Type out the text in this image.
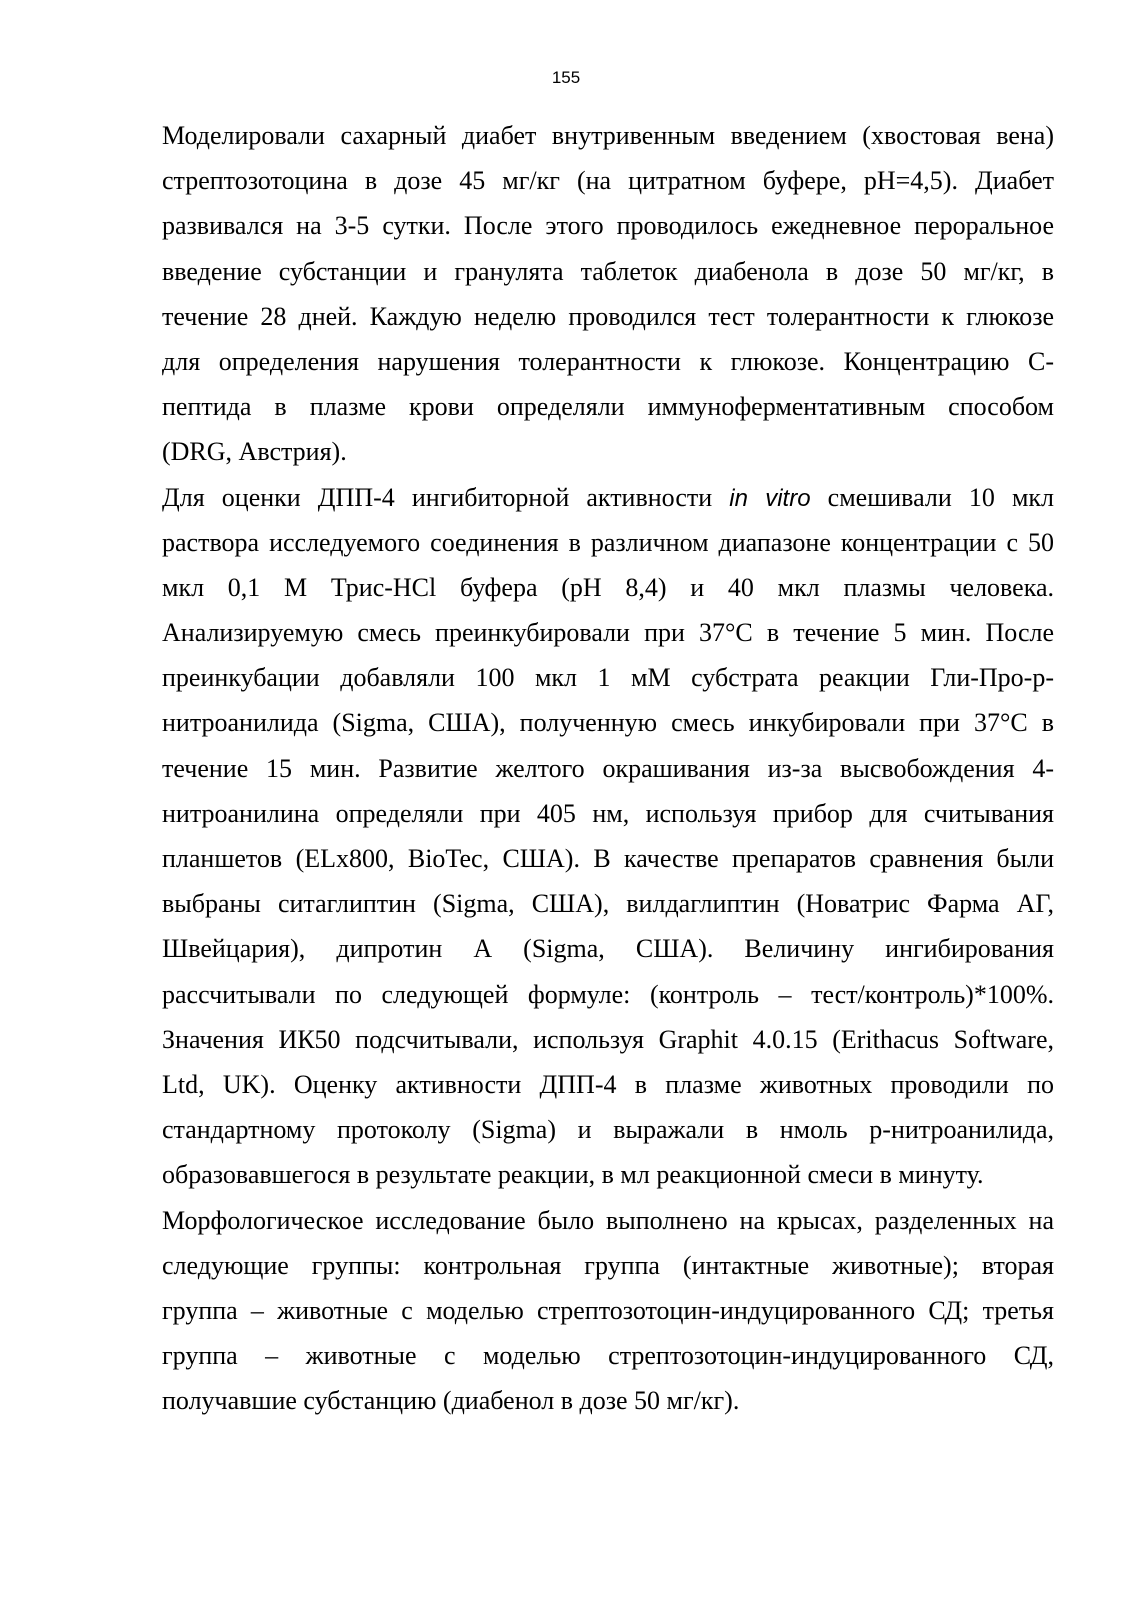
155
Моделировали сахарный диабет внутривенным введением (хвостовая вена)
стрептозотоцина в дозе 45 мг/кг (на цитратном буфере, pH=4,5). Диабет
развивался на 3-5 сутки. После этого проводилось ежедневное пероральное
введение субстанции и гранулята таблеток диабенола в дозе 50 мг/кг, в
течение 28 дней. Каждую неделю проводился тест толерантности к глюкозе
для определения нарушения толерантности к глюкозе. Концентрацию С-
пептида в плазме крови определяли иммуноферментативным способом
(DRG, Австрия).
Для оценки ДПП-4 ингибиторной активности in vitro смешивали 10 мкл
раствора исследуемого соединения в различном диапазоне концентрации с 50
мкл 0,1 М Трис-HCl буфера (рН 8,4) и 40 мкл плазмы человека.
Анализируемую смесь преинкубировали при 37°С в течение 5 мин. После
преинкубации добавляли 100 мкл 1 мМ субстрата реакции Гли-Про-р-
нитроанилида (Sigma, США), полученную смесь инкубировали при 37°С в
течение 15 мин. Развитие желтого окрашивания из-за высвобождения 4-
нитроанилина определяли при 405 нм, используя прибор для считывания
планшетов (ELx800, BioTec, США). В качестве препаратов сравнения были
выбраны ситаглиптин (Sigma, США), вилдаглиптин (Новатрис Фарма АГ,
Швейцария), дипротин А (Sigma, США). Величину ингибирования
рассчитывали по следующей формуле: (контроль – тест/контроль)*100%.
Значения ИК50 подсчитывали, используя Graphit 4.0.15 (Erithacus Software,
Ltd, UK). Оценку активности ДПП-4 в плазме животных проводили по
стандартному протоколу (Sigma) и выражали в нмоль р-нитроанилида,
образовавшегося в результате реакции, в мл реакционной смеси в минуту.
Морфологическое исследование было выполнено на крысах, разделенных на
следующие группы: контрольная группа (интактные животные); вторая
группа – животные с моделью стрептозотоцин-индуцированного СД; третья
группа – животные с моделью стрептозотоцин-индуцированного СД,
получавшие субстанцию (диабенол в дозе 50 мг/кг).
